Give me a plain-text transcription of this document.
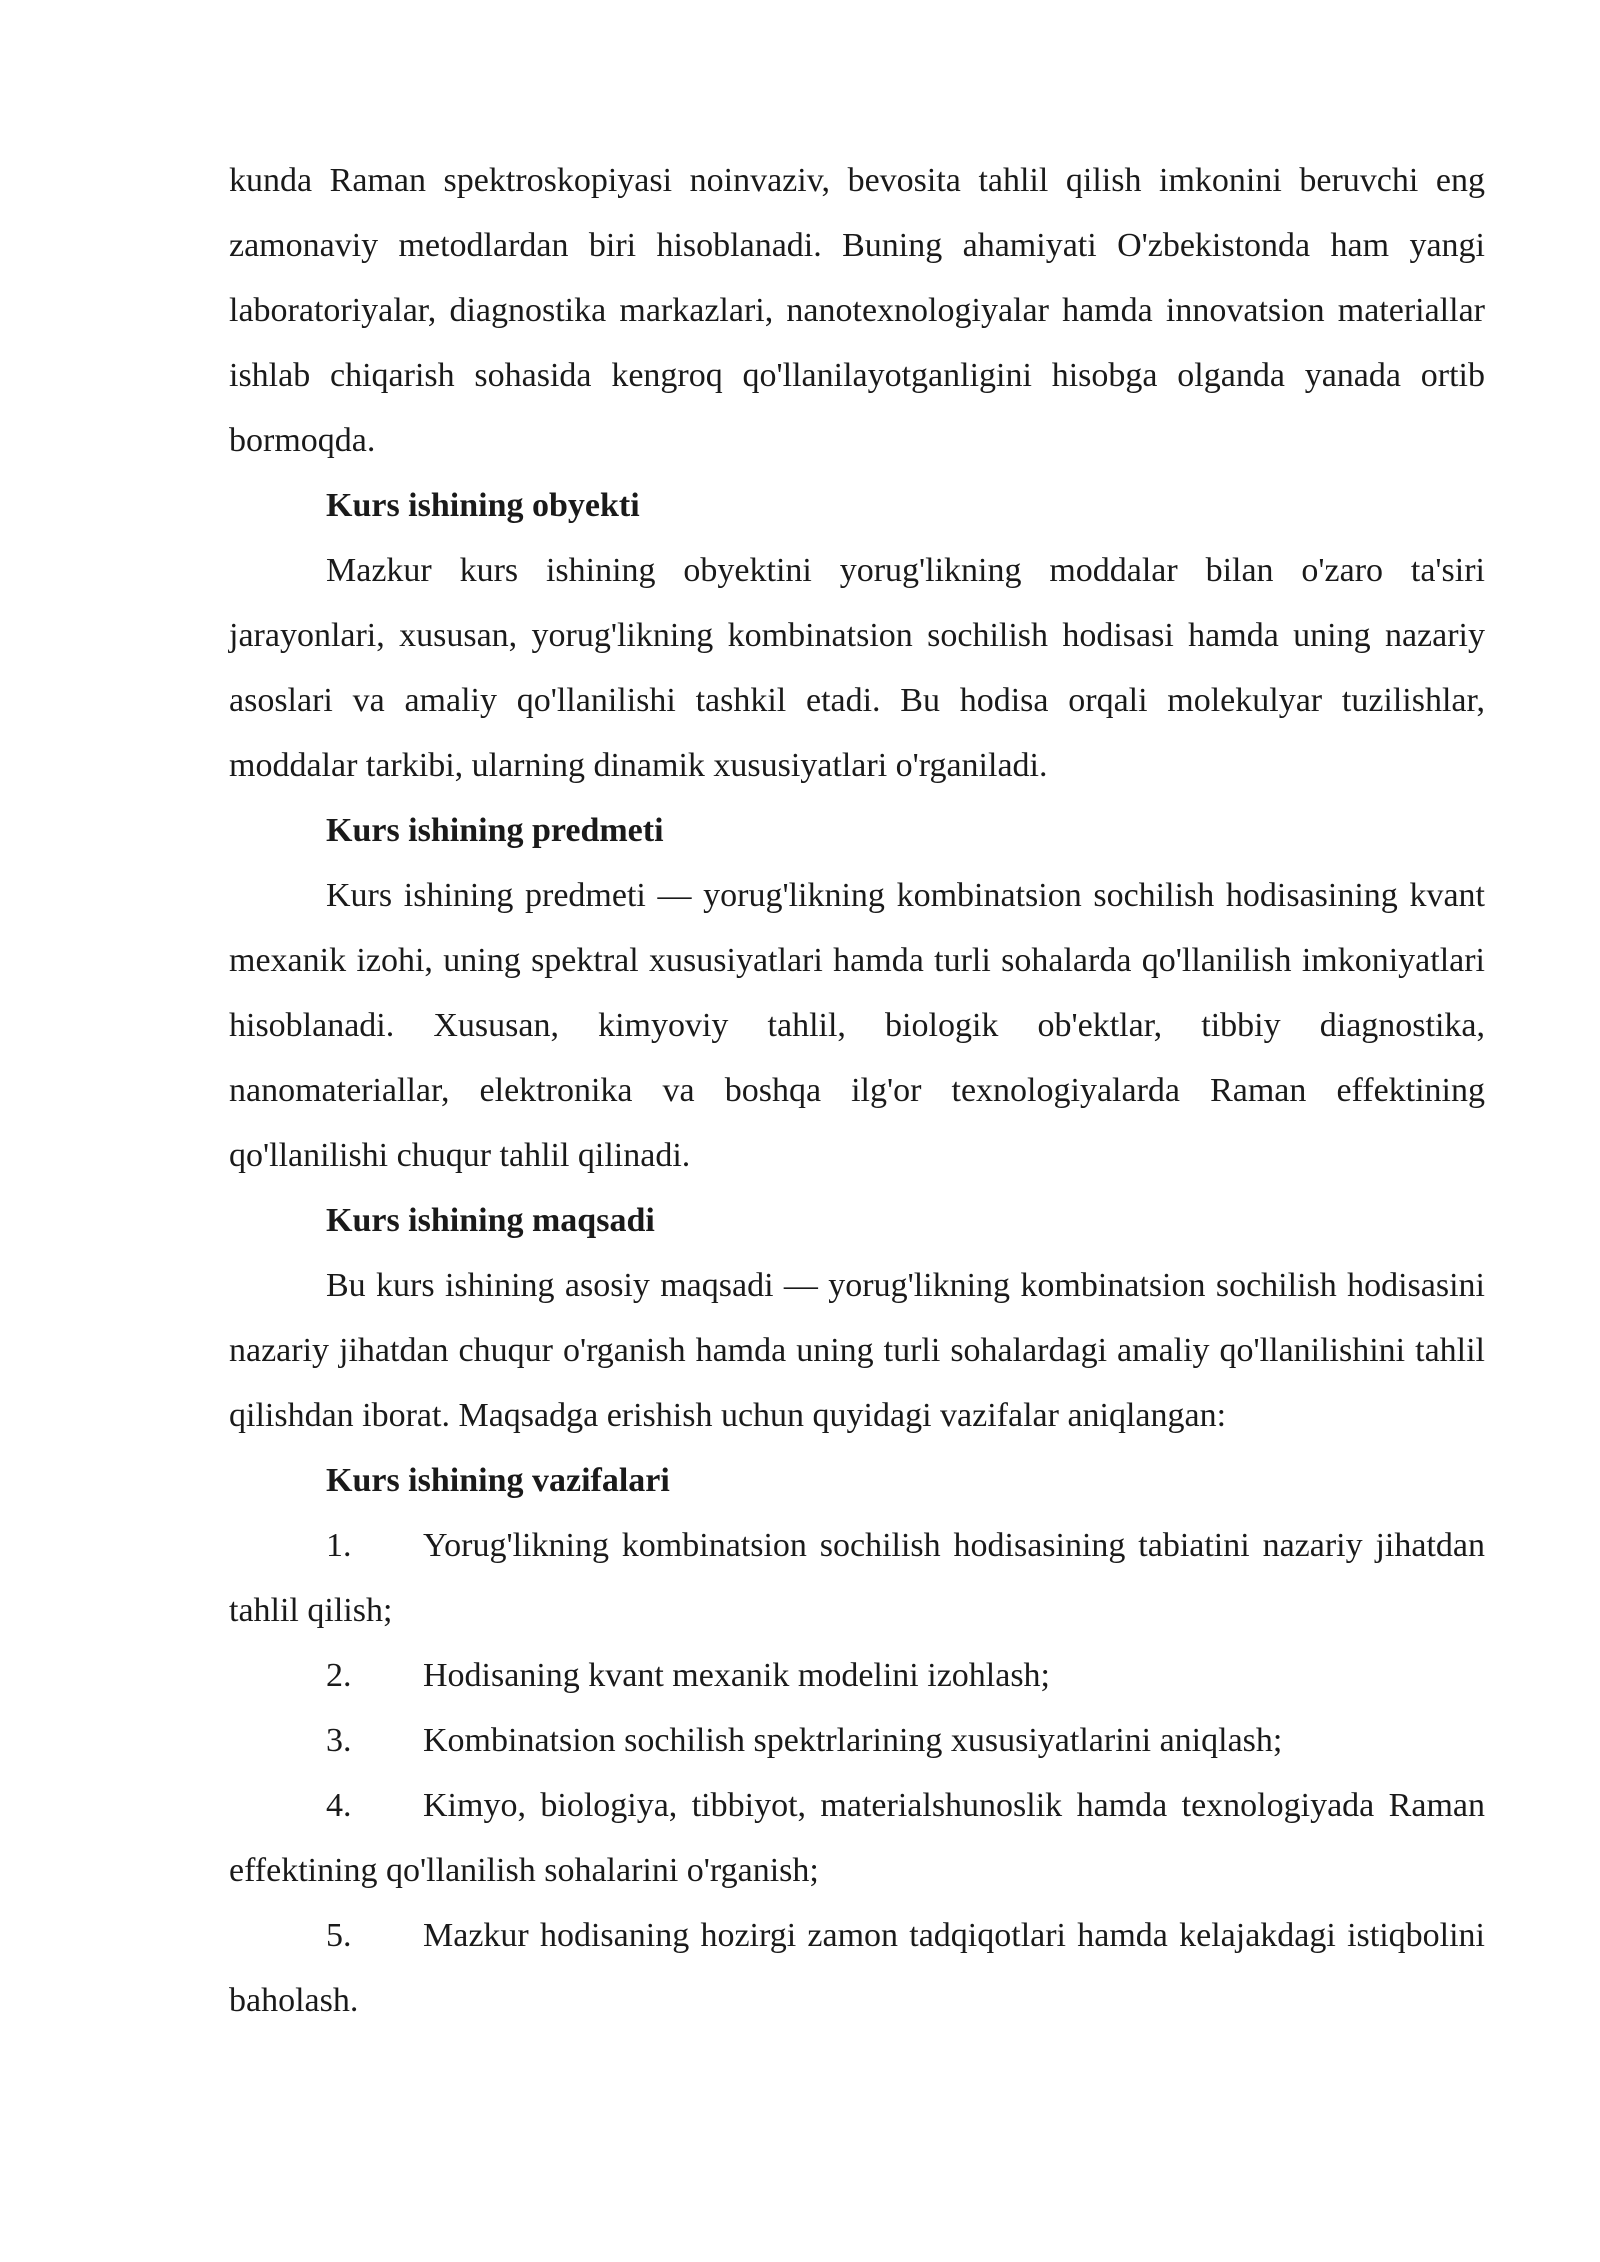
kunda Raman spektroskopiyasi noinvaziv, bevosita tahlil qilish imkonini beruvchi eng zamonaviy metodlardan biri hisoblanadi. Buning ahamiyati O'zbekistonda ham yangi laboratoriyalar, diagnostika markazlari, nanotexnologiyalar hamda innovatsion materiallar ishlab chiqarish sohasida kengroq qo'llanilayotganligini hisobga olganda yanada ortib bormoqda.

Kurs ishining obyekti

Mazkur kurs ishining obyektini yorug'likning moddalar bilan o'zaro ta'siri jarayonlari, xususan, yorug'likning kombinatsion sochilish hodisasi hamda uning nazariy asoslari va amaliy qo'llanilishi tashkil etadi. Bu hodisa orqali molekulyar tuzilishlar, moddalar tarkibi, ularning dinamik xususiyatlari o'rganiladi.

Kurs ishining predmeti

Kurs ishining predmeti — yorug'likning kombinatsion sochilish hodisasining kvant mexanik izohi, uning spektral xususiyatlari hamda turli sohalarda qo'llanilish imkoniyatlari hisoblanadi. Xususan, kimyoviy tahlil, biologik ob'ektlar, tibbiy diagnostika, nanomateriallar, elektronika va boshqa ilg'or texnologiyalarda Raman effektining qo'llanilishi chuqur tahlil qilinadi.

Kurs ishining maqsadi

Bu kurs ishining asosiy maqsadi — yorug'likning kombinatsion sochilish hodisasini nazariy jihatdan chuqur o'rganish hamda uning turli sohalardagi amaliy qo'llanilishini tahlil qilishdan iborat. Maqsadga erishish uchun quyidagi vazifalar aniqlangan:

Kurs ishining vazifalari

1. Yorug'likning kombinatsion sochilish hodisasining tabiatini nazariy jihatdan tahlil qilish;

2. Hodisaning kvant mexanik modelini izohlash;

3. Kombinatsion sochilish spektrlarining xususiyatlarini aniqlash;

4. Kimyo, biologiya, tibbiyot, materialshunoslik hamda texnologiyada Raman effektining qo'llanilish sohalarini o'rganish;

5. Mazkur hodisaning hozirgi zamon tadqiqotlari hamda kelajakdagi istiqbolini baholash.
